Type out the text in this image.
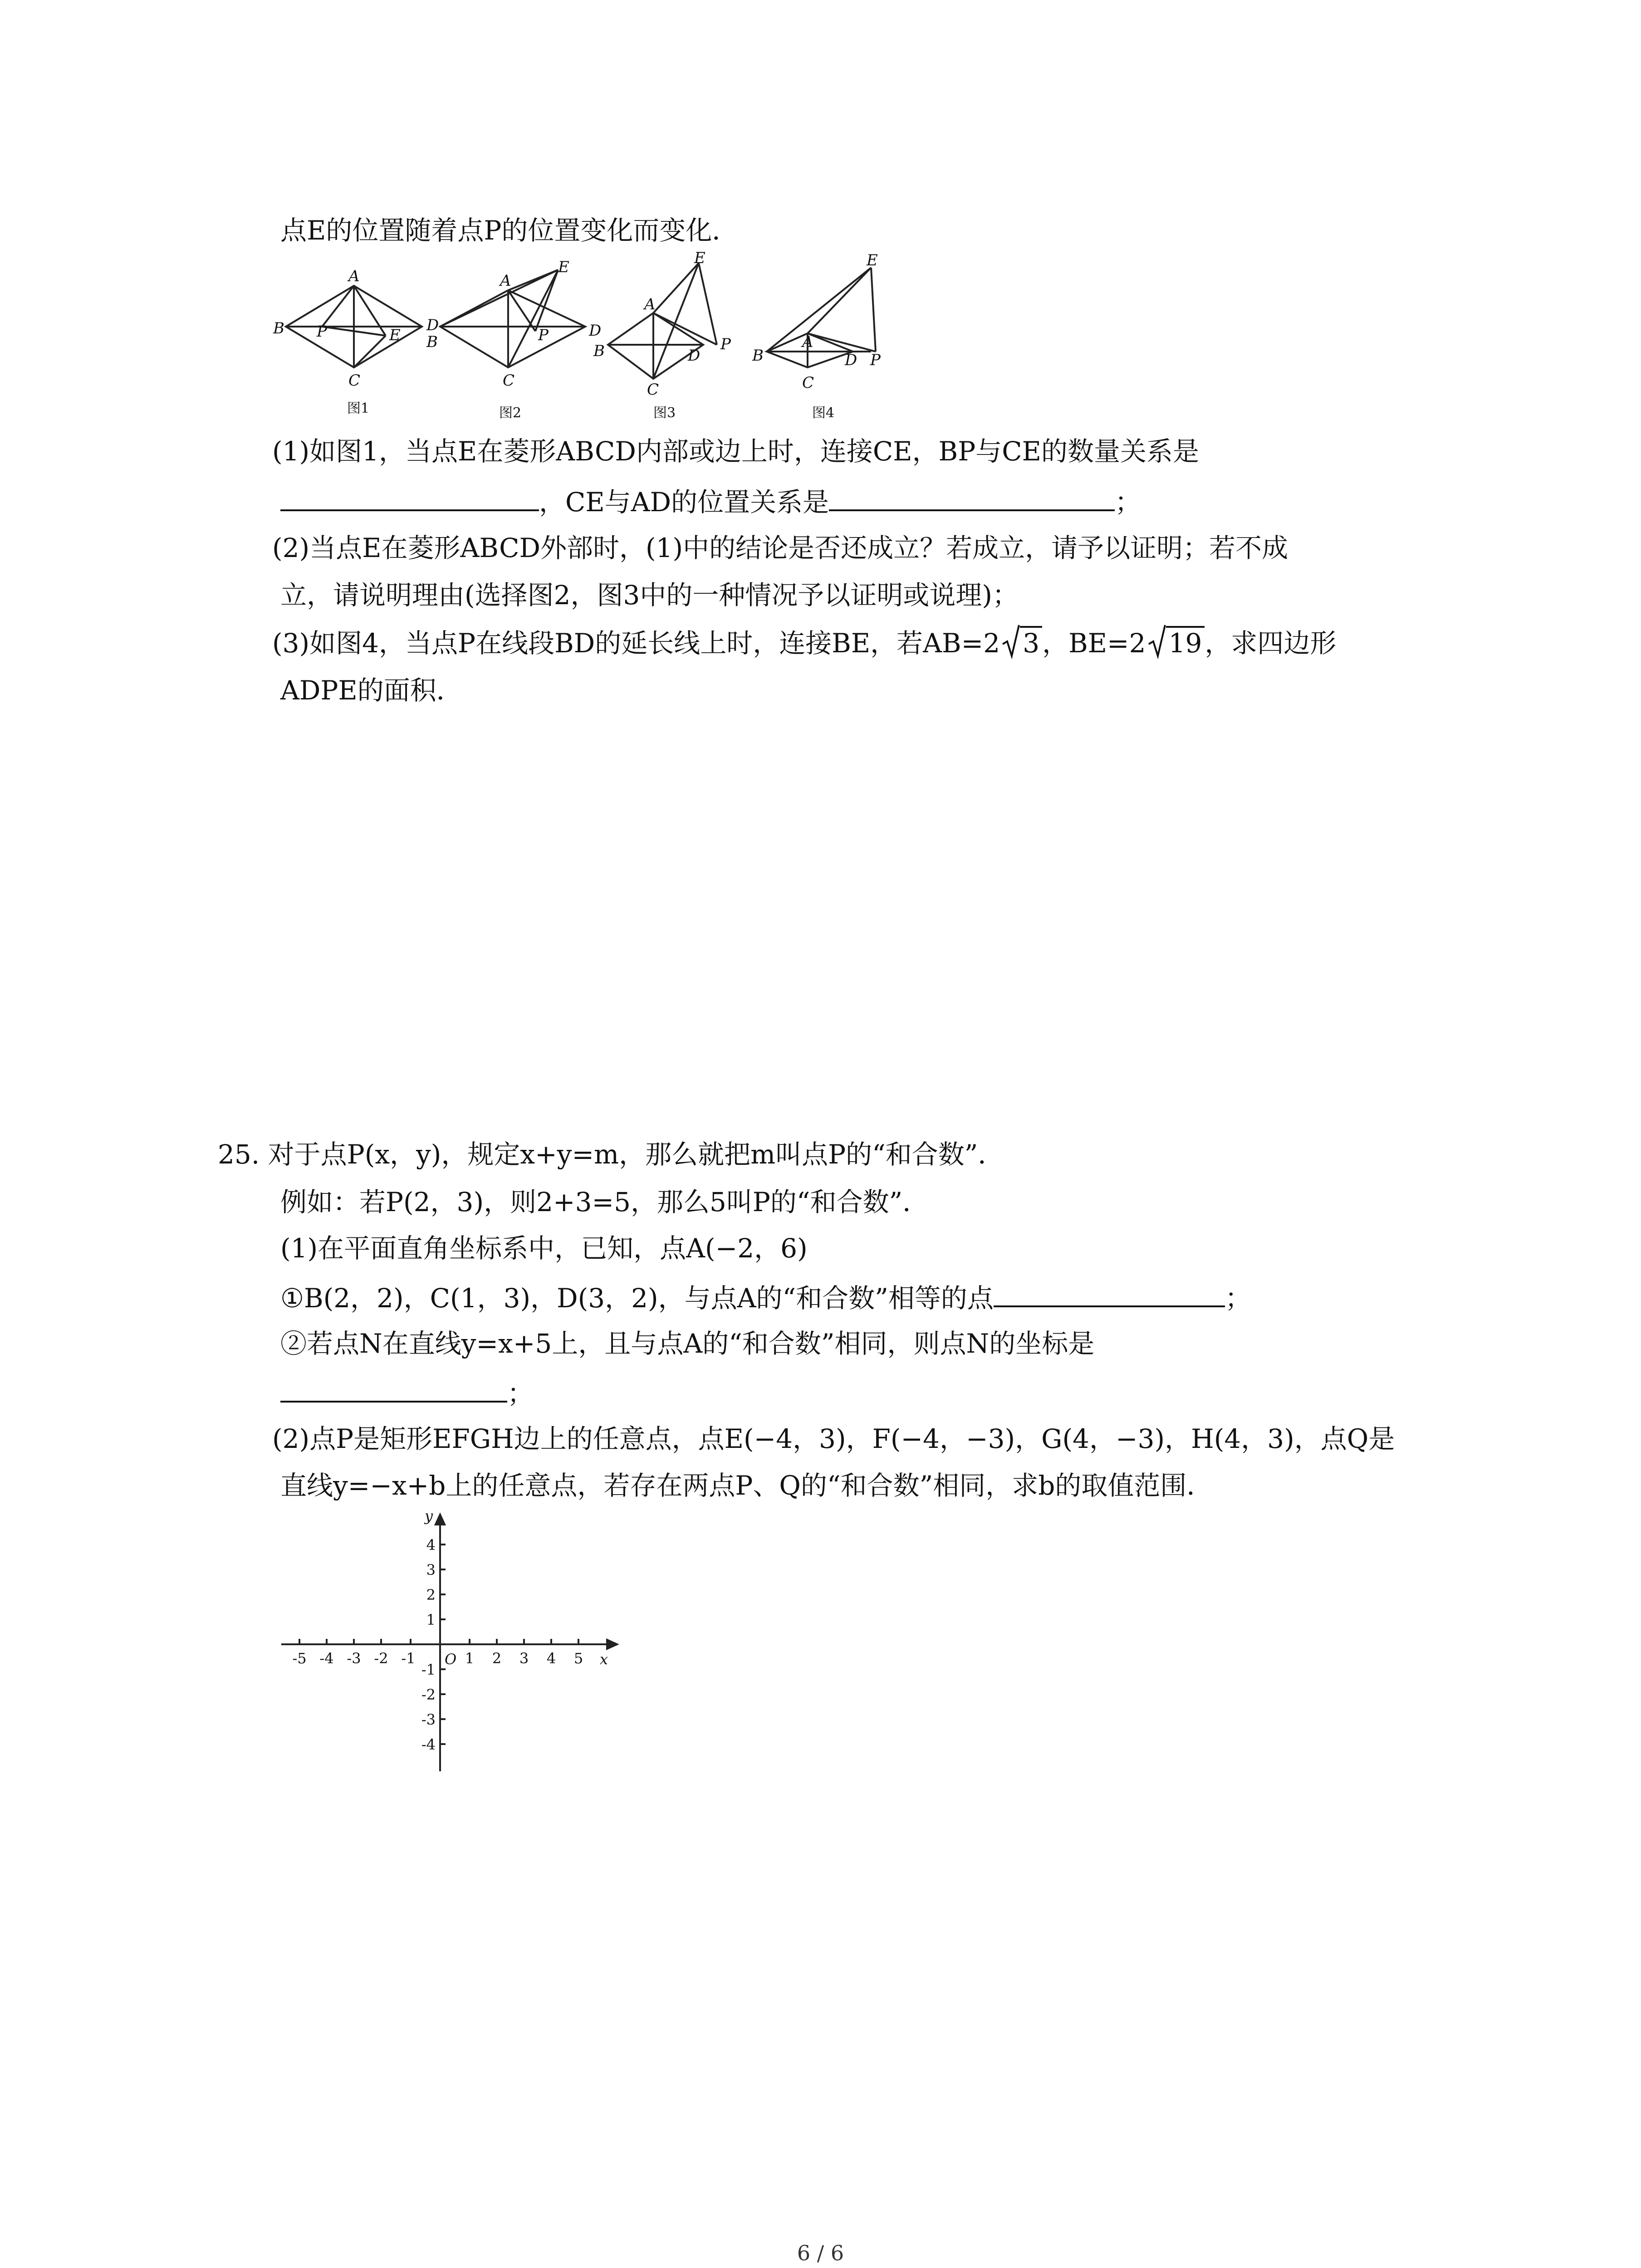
点E的位置随着点P的位置变化而变化．
A
B P	E
D
C
A
E
B	P	D
C
E
A
B	D
P
C
E
A
B	D P
C
图1	图2	图3	图4
(1)如图1，当点E在菱形ABCD内部或边上时，连接CE，BP与CE的数量关系是
，CE与AD的位置关系是	；
(2)当点E在菱形ABCD外部时，(1)中的结论是否还成立？若成立，请予以证明；若不成
立，请说明理由(选择图2，图3中的一种情况予以证明或说理)；
(3)如图4，当点P在线段BD的延长线上时，连接BE，若AB=2 3 ，BE=2 19 ，求四边形
ADPE的面积．
25. 对于点P(x，y)，规定x+y=m，那么就把m叫点P的“和合数”．
例如：若P(2，3)，则2+3=5，那么5叫P的“和合数”．
(1)在平面直角坐标系中，已知，点A(−2，6)
①B(2，2)，C(1，3)，D(3，2)，与点A的“和合数”相等的点	；
②若点N在直线y=x+5上，且与点A的“和合数”相同，则点N的坐标是
；
(2)点P是矩形EFGH边上的任意点，点E(−4，3)，F(−4，−3)，G(4，−3)，H(4，3)，点Q是
直线y=−x+b上的任意点，若存在两点P、Q的“和合数”相同，求b的取值范围．
y
x
O
-5 -4 -3 -2 -1	1 2 3 4 5
4
3
2
1
-1
-2
-3
-4
6 / 6
